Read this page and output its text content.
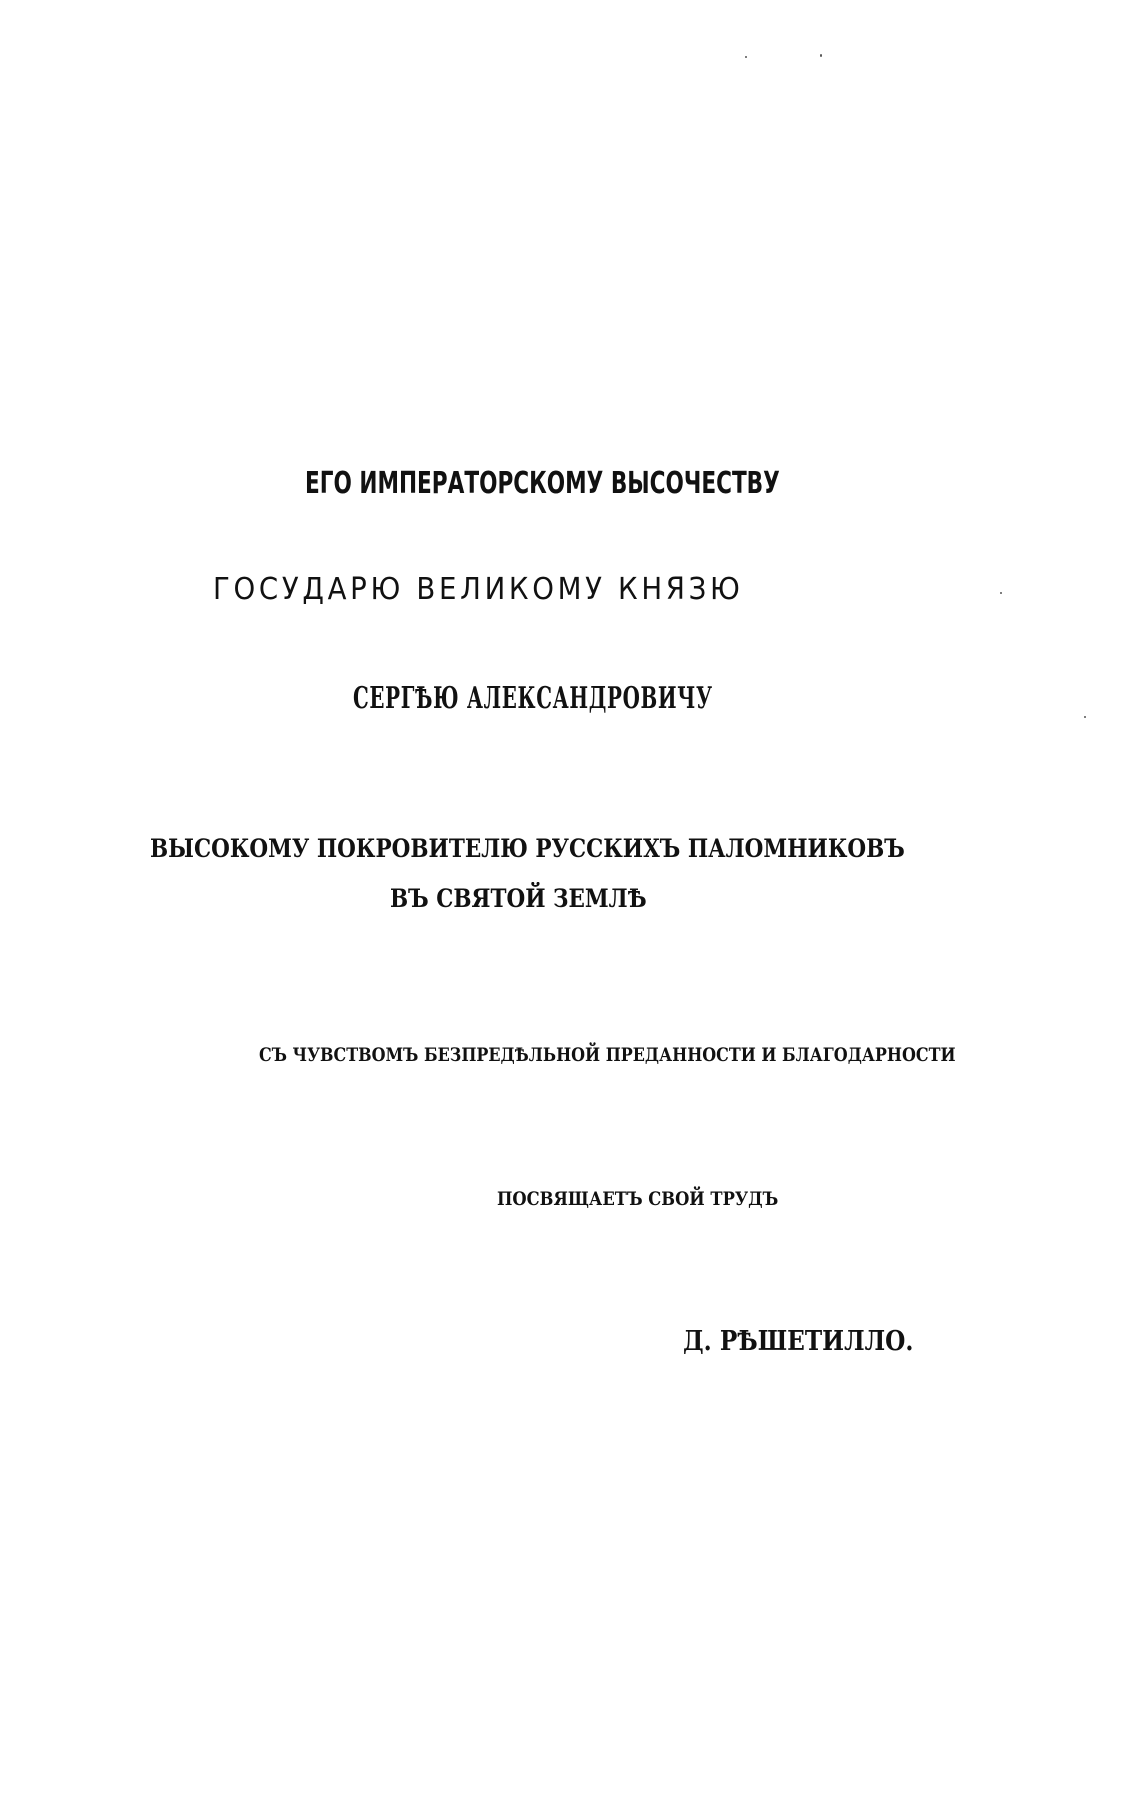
ЕГО ИМПЕРАТОРСКОМУ ВЫСОЧЕСТВУ

ГОСУДАРЮ ВЕЛИКОМУ КНЯЗЮ

СЕРГѢЮ АЛЕКСАНДРОВИЧУ

ВЫСОКОМУ ПОКРОВИТЕЛЮ РУССКИХЪ ПАЛОМНИКОВЪ

ВЪ СВЯТОЙ ЗЕМЛѢ

СЪ ЧУВСТВОМЪ БЕЗПРЕДѢЛЬНОЙ ПРЕДАННОСТИ И БЛАГОДАРНОСТИ

ПОСВЯЩАЕТЪ СВОЙ ТРУДЪ

Д. РѢШЕТИЛЛО.
